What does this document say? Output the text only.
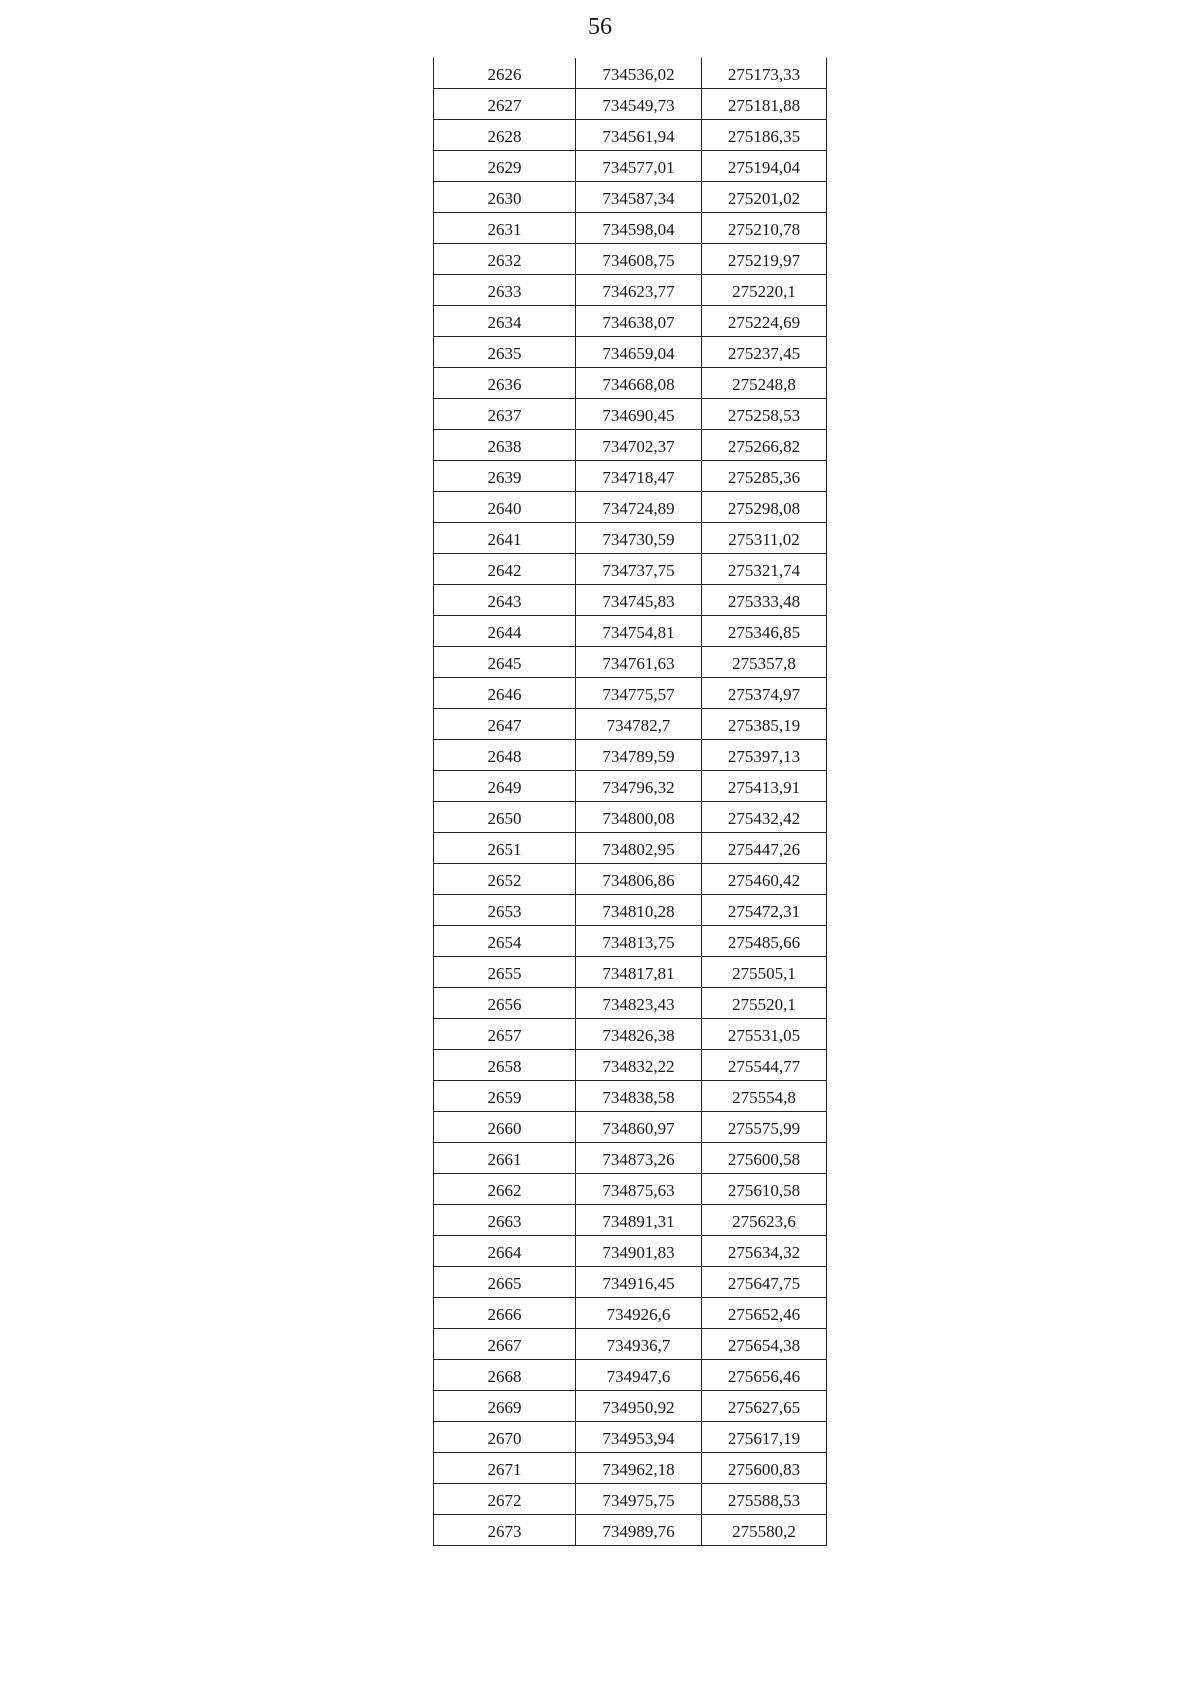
56
2626	734536,02	275173,33
2627	734549,73	275181,88
2628	734561,94	275186,35
2629	734577,01	275194,04
2630	734587,34	275201,02
2631	734598,04	275210,78
2632	734608,75	275219,97
2633	734623,77	275220,1
2634	734638,07	275224,69
2635	734659,04	275237,45
2636	734668,08	275248,8
2637	734690,45	275258,53
2638	734702,37	275266,82
2639	734718,47	275285,36
2640	734724,89	275298,08
2641	734730,59	275311,02
2642	734737,75	275321,74
2643	734745,83	275333,48
2644	734754,81	275346,85
2645	734761,63	275357,8
2646	734775,57	275374,97
2647	734782,7	275385,19
2648	734789,59	275397,13
2649	734796,32	275413,91
2650	734800,08	275432,42
2651	734802,95	275447,26
2652	734806,86	275460,42
2653	734810,28	275472,31
2654	734813,75	275485,66
2655	734817,81	275505,1
2656	734823,43	275520,1
2657	734826,38	275531,05
2658	734832,22	275544,77
2659	734838,58	275554,8
2660	734860,97	275575,99
2661	734873,26	275600,58
2662	734875,63	275610,58
2663	734891,31	275623,6
2664	734901,83	275634,32
2665	734916,45	275647,75
2666	734926,6	275652,46
2667	734936,7	275654,38
2668	734947,6	275656,46
2669	734950,92	275627,65
2670	734953,94	275617,19
2671	734962,18	275600,83
2672	734975,75	275588,53
2673	734989,76	275580,2
